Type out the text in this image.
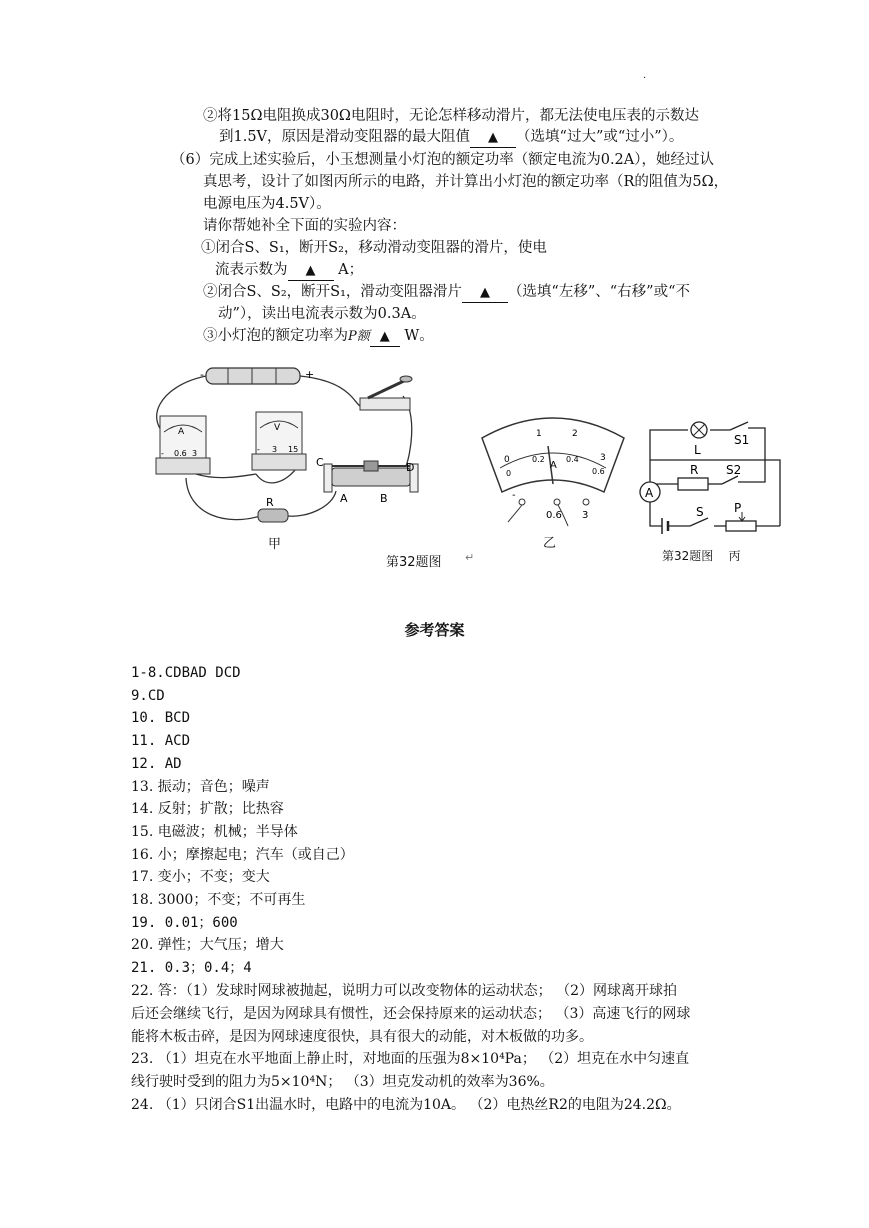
.
②将15Ω电阻换成30Ω电阻时，无论怎样移动滑片，都无法使电压表的示数达
到1.5V，原因是滑动变阻器的最大阻值 ▲ （选填“过大”或“过小”）。
（6）完成上述实验后，小玉想测量小灯泡的额定功率（额定电流为0.2A），她经过认
真思考，设计了如图丙所示的电路，并计算出小灯泡的额定功率（R的阻值为5Ω，
电源电压为4.5V）。
请你帮她补全下面的实验内容：
①闭合S、S₁，断开S₂，移动滑动变阻器的滑片，使电
流表示数为 ▲ A；
②闭合S、S₂，断开S₁，滑动变阻器滑片 ▲ （选填“左移”、“右移”或“不
动”），读出电流表示数为0.3A。
③小灯泡的额定功率为P额 ▲ W。
-	+
A
- 0.6 3
V
- 3 15
C	D
A	B
R
甲
0
1	2
3
0
0.2	0.4
0.6
A
-
0.6 3
乙
L
S1
R S2
A
S	P
第32题图 ↵	第32题图 丙
参考答案
1-8.CDBAD DCD
9.CD
10. BCD
11. ACD
12. AD
13. 振动；音色；噪声
14. 反射；扩散；比热容
15. 电磁波；机械；半导体
16. 小；摩擦起电；汽车（或自己）
17. 变小；不变；变大
18. 3000；不变；不可再生
19. 0.01；600
20. 弹性；大气压；增大
21. 0.3；0.4；4
22. 答：（1）发球时网球被抛起，说明力可以改变物体的运动状态； （2）网球离开球拍
后还会继续飞行，是因为网球具有惯性，还会保持原来的运动状态； （3）高速飞行的网球
能将木板击碎，是因为网球速度很快，具有很大的动能，对木板做的功多。
23. （1）坦克在水平地面上静止时，对地面的压强为8×10⁴Pa； （2）坦克在水中匀速直
线行驶时受到的阻力为5×10⁴N； （3）坦克发动机的效率为36%。
24. （1）只闭合S1出温水时，电路中的电流为10A。 （2）电热丝R2的电阻为24.2Ω。
